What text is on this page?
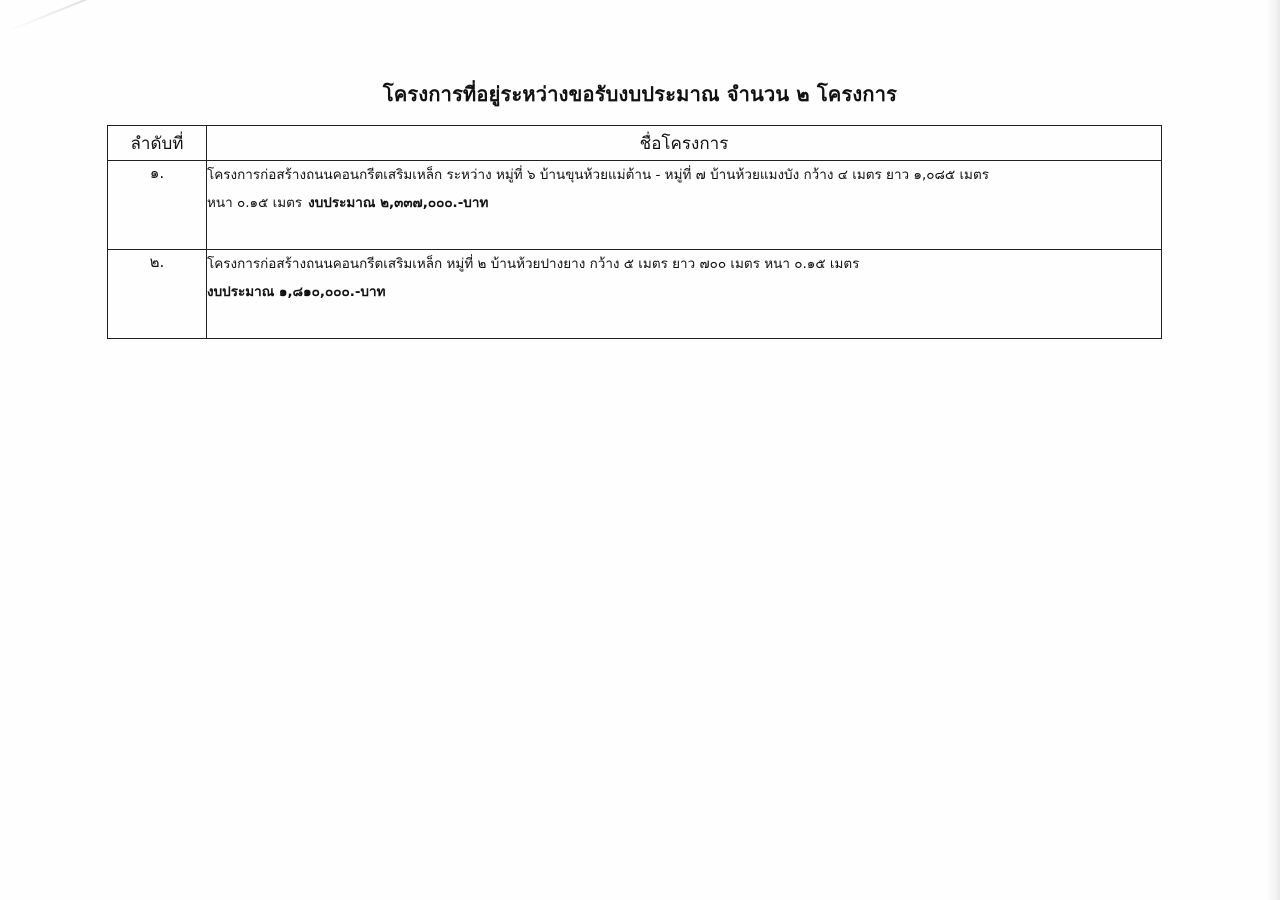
โครงการที่อยู่ระหว่างขอรับงบประมาณ จำนวน ๒ โครงการ
ลำดับที่	ชื่อโครงการ
๑.	โครงการก่อสร้างถนนคอนกรีตเสริมเหล็ก ระหว่าง หมู่ที่ ๖ บ้านขุนห้วยแม่ต้าน - หมู่ที่ ๗ บ้านห้วยแมงบัง กว้าง ๔ เมตร ยาว ๑,๐๘๕ เมตร
หนา ๐.๑๕ เมตร งบประมาณ ๒,๓๓๗,๐๐๐.-บาท

๒.	โครงการก่อสร้างถนนคอนกรีตเสริมเหล็ก หมู่ที่ ๒ บ้านห้วยปางยาง กว้าง ๕ เมตร ยาว ๗๐๐ เมตร หนา ๐.๑๕ เมตร
งบประมาณ ๑,๘๑๐,๐๐๐.-บาท
